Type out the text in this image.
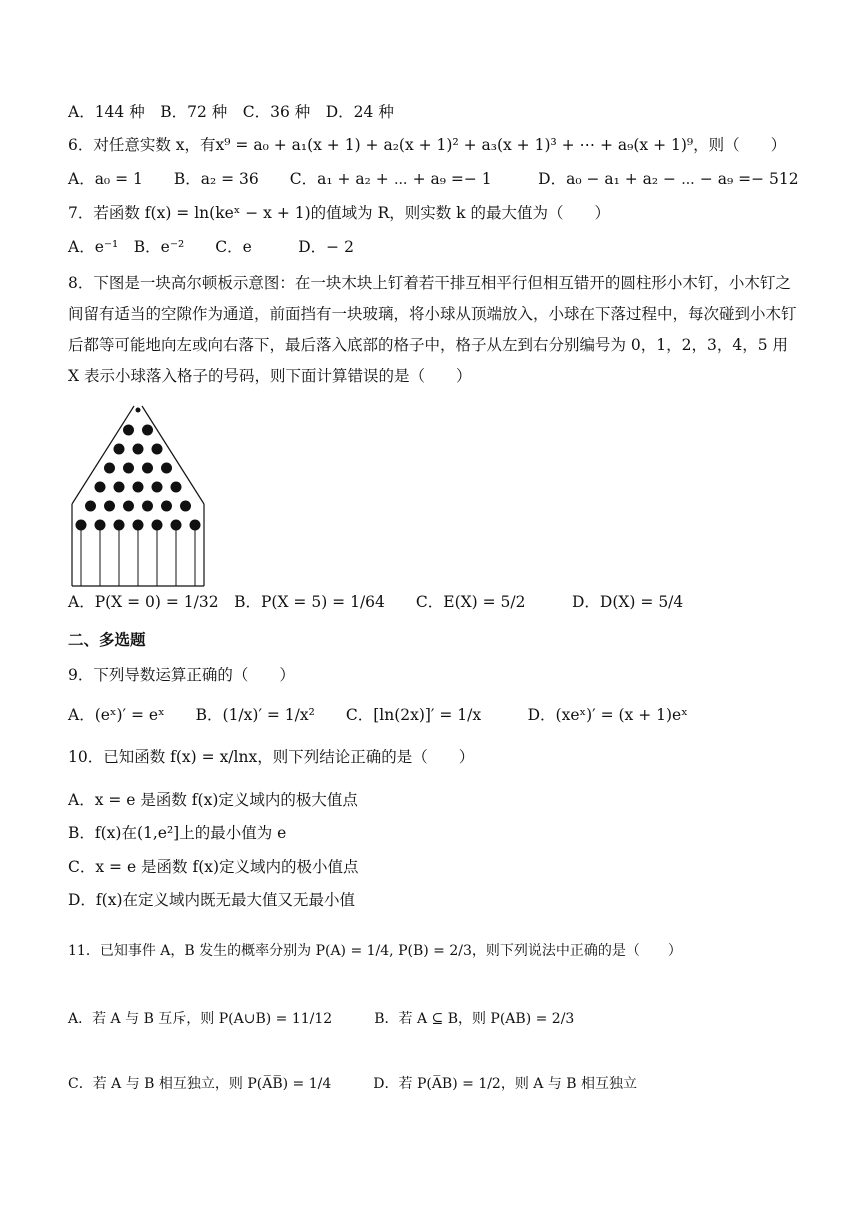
A．144 种　B．72 种　C．36 种　D．24 种
6．对任意实数 x，有x⁹ = a₀ + a₁(x + 1) + a₂(x + 1)² + a₃(x + 1)³ + ⋯ + a₉(x + 1)⁹，则（　　）
A．a₀ = 1　　B．a₂ = 36　　C．a₁ + a₂ + ⋯ + a₉ =− 1　　　D．a₀ − a₁ + a₂ − ⋯ − a₉ =− 512
7．若函数 f(x) = ln(keˣ − x + 1)的值域为 R，则实数 k 的最大值为（　　）
A．e⁻¹　B．e⁻²　　C．e　　　D．− 2
8．下图是一块高尔顿板示意图：在一块木块上钉着若干排互相平行但相互错开的圆柱形小木钉，小木钉之间留有适当的空隙作为通道，前面挡有一块玻璃，将小球从顶端放入，小球在下落过程中，每次碰到小木钉后都等可能地向左或向右落下，最后落入底部的格子中，格子从左到右分别编号为 0，1，2，3，4，5 用 X 表示小球落入格子的号码，则下面计算错误的是（　　）
A．P(X = 0) = 1/32　B．P(X = 5) = 1/64　　C．E(X) = 5/2　　　D．D(X) = 5/4
二、多选题
9．下列导数运算正确的（　　）
A．(eˣ)′ = eˣ　　B．(1/x)′ = 1/x²　　C．[ln(2x)]′ = 1/x　　　D．(xeˣ)′ = (x + 1)eˣ
10．已知函数 f(x) = x/lnx，则下列结论正确的是（　　）
A．x = e 是函数 f(x)定义域内的极大值点
B．f(x)在(1,e²]上的最小值为 e
C．x = e 是函数 f(x)定义域内的极小值点
D．f(x)在定义域内既无最大值又无最小值
11．已知事件 A，B 发生的概率分别为 P(A) = 1/4, P(B) = 2/3，则下列说法中正确的是（　　）
A．若 A 与 B 互斥，则 P(A∪B) = 11/12　　　B．若 A ⊆ B，则 P(AB) = 2/3
C．若 A 与 B 相互独立，则 P(A̅B̅) = 1/4　　　D．若 P(A̅B) = 1/2，则 A 与 B 相互独立
